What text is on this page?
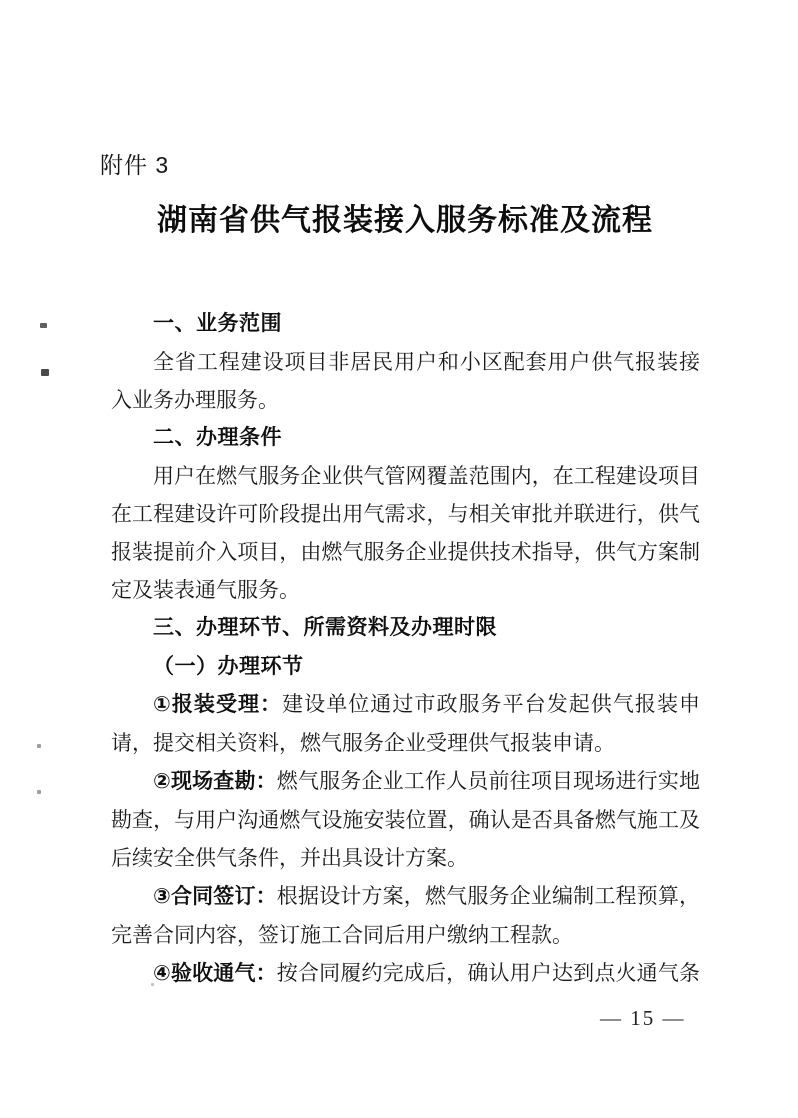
附件 3
湖南省供气报装接入服务标准及流程
一、业务范围
全省工程建设项目非居民用户和小区配套用户供气报装接
入业务办理服务。
二、办理条件
用户在燃气服务企业供气管网覆盖范围内，在工程建设项目
在工程建设许可阶段提出用气需求，与相关审批并联进行，供气
报装提前介入项目，由燃气服务企业提供技术指导，供气方案制
定及装表通气服务。
三、办理环节、所需资料及办理时限
（一）办理环节
①报装受理：建设单位通过市政服务平台发起供气报装申
请，提交相关资料，燃气服务企业受理供气报装申请。
②现场查勘：燃气服务企业工作人员前往项目现场进行实地
勘查，与用户沟通燃气设施安装位置，确认是否具备燃气施工及
后续安全供气条件，并出具设计方案。
③合同签订：根据设计方案，燃气服务企业编制工程预算，
完善合同内容，签订施工合同后用户缴纳工程款。
④验收通气：按合同履约完成后，确认用户达到点火通气条
— 15 —
